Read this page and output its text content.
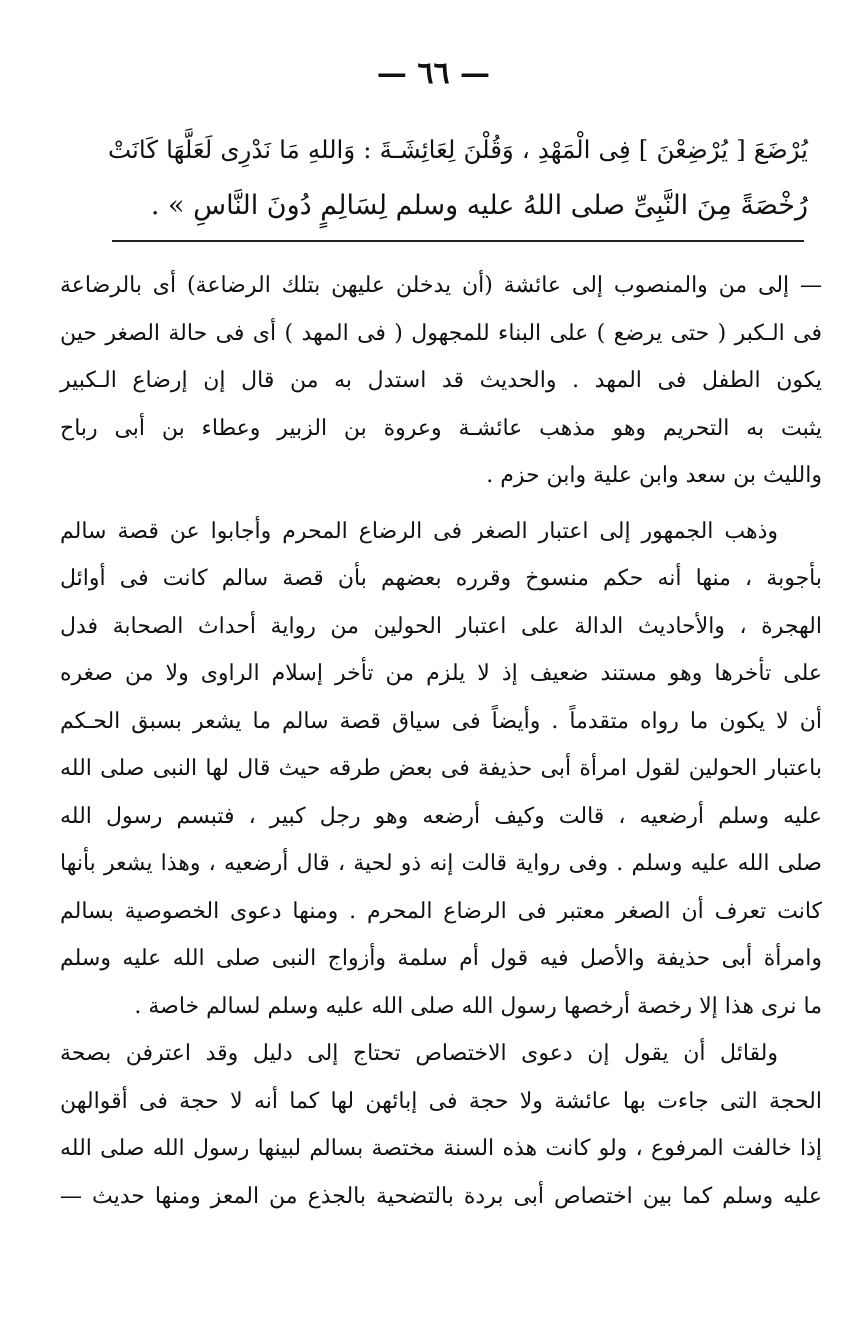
— ٦٦ —
يُرْضَعَ [ يُرْضِعْنَ ] فِى الْمَهْدِ ، وَقُلْنَ لِعَائِشَـةَ : وَاللهِ مَا نَدْرِى لَعَلَّهَا كَانَتْ
رُخْصَةً مِنَ النَّبِىِّ صلى اللهُ عليه وسلم لِسَالِمٍ دُونَ النَّاسِ » .
— إلى من والمنصوب إلى عائشة (أن يدخلن عليهن بتلك الرضاعة) أى بالرضاعة
فى الـكبر ( حتى يرضع ) على البناء للمجهول ( فى المهد ) أى فى حالة الصغر حين
يكون الطفل فى المهد . والحديث قد استدل به من قال إن إرضاع الـكبير
يثبت به التحريم وهو مذهب عائشـة وعروة بن الزبير وعطاء بن أبى رباح
والليث بن سعد وابن علية وابن حزم .
وذهب الجمهور إلى اعتبار الصغر فى الرضاع المحرم وأجابوا عن قصة سالم
بأجوبة ، منها أنه حكم منسوخ وقرره بعضهم بأن قصة سالم كانت فى أوائل
الهجرة ، والأحاديث الدالة على اعتبار الحولين من رواية أحداث الصحابة فدل
على تأخرها وهو مستند ضعيف إذ لا يلزم من تأخر إسلام الراوى ولا من صغره
أن لا يكون ما رواه متقدماً . وأيضاً فى سياق قصة سالم ما يشعر بسبق الحـكم
باعتبار الحولين لقول امرأة أبى حذيفة فى بعض طرقه حيث قال لها النبى صلى الله
عليه وسلم أرضعيه ، قالت وكيف أرضعه وهو رجل كبير ، فتبسم رسول الله
صلى الله عليه وسلم . وفى رواية قالت إنه ذو لحية ، قال أرضعيه ، وهذا يشعر بأنها
كانت تعرف أن الصغر معتبر فى الرضاع المحرم . ومنها دعوى الخصوصية بسالم
وامرأة أبى حذيفة والأصل فيه قول أم سلمة وأزواج النبى صلى الله عليه وسلم
ما نرى هذا إلا رخصة أرخصها رسول الله صلى الله عليه وسلم لسالم خاصة .
ولقائل أن يقول إن دعوى الاختصاص تحتاج إلى دليل وقد اعترفن بصحة
الحجة التى جاءت بها عائشة ولا حجة فى إبائهن لها كما أنه لا حجة فى أقوالهن
إذا خالفت المرفوع ، ولو كانت هذه السنة مختصة بسالم لبينها رسول الله صلى الله
عليه وسلم كما بين اختصاص أبى بردة بالتضحية بالجذع من المعز ومنها حديث —
